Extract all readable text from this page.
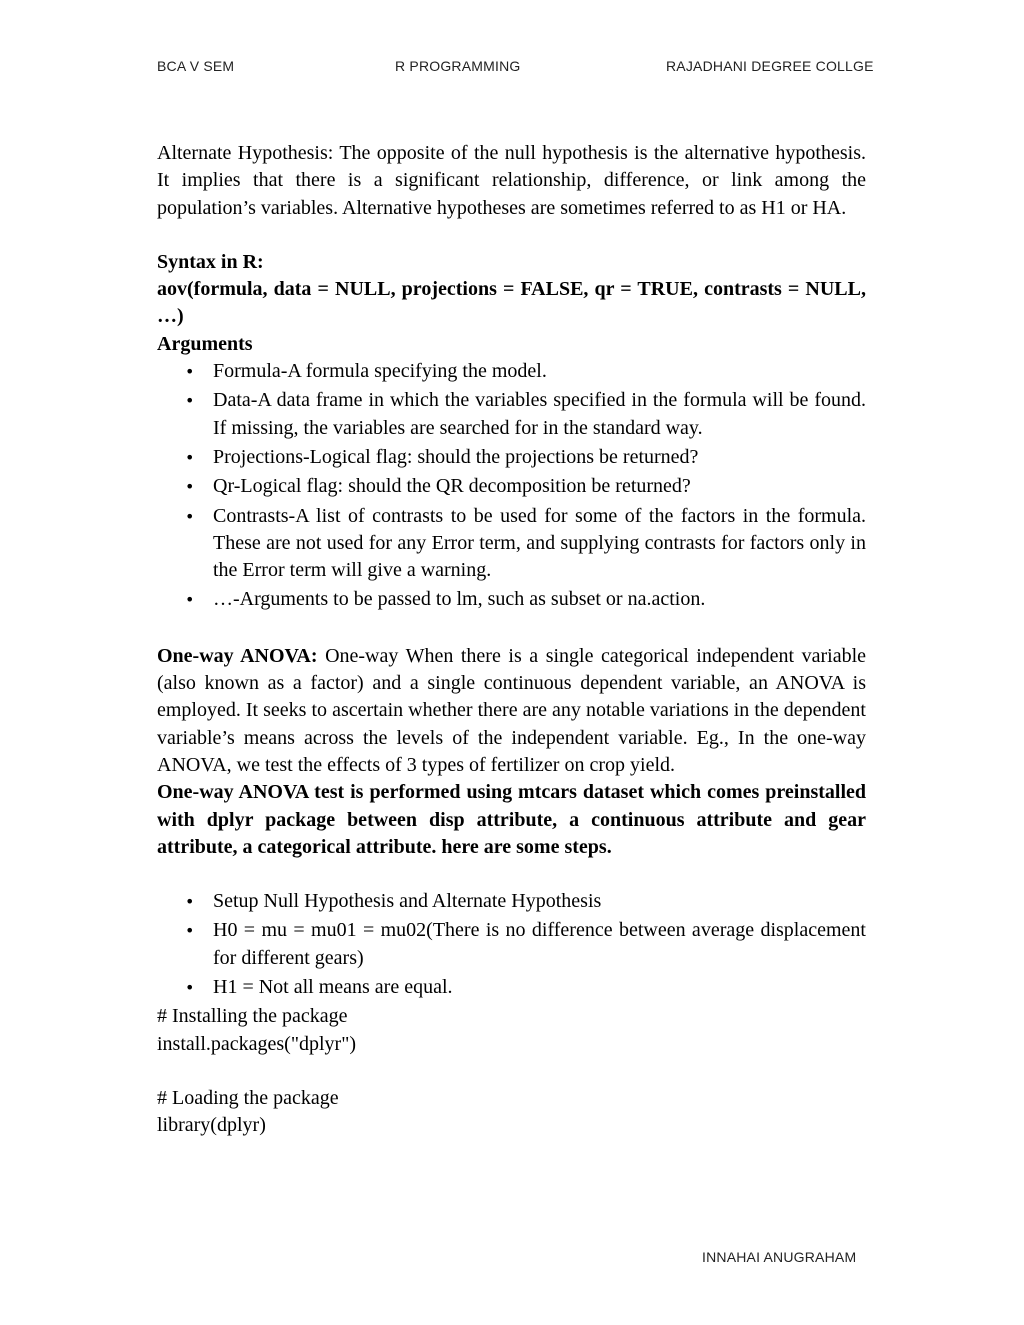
BCA V SEM	R PROGRAMMING	RAJADHANI DEGREE COLLGE

Alternate Hypothesis: The opposite of the null hypothesis is the alternative hypothesis. It implies that there is a significant relationship, difference, or link among the population’s variables. Alternative hypotheses are sometimes referred to as H1 or HA.

Syntax in R:

aov(formula, data = NULL, projections = FALSE, qr = TRUE, contrasts = NULL, …)

Arguments

• Formula-A formula specifying the model.
• Data-A data frame in which the variables specified in the formula will be found. If missing, the variables are searched for in the standard way.
• Projections-Logical flag: should the projections be returned?
• Qr-Logical flag: should the QR decomposition be returned?
• Contrasts-A list of contrasts to be used for some of the factors in the formula. These are not used for any Error term, and supplying contrasts for factors only in the Error term will give a warning.
• …-Arguments to be passed to lm, such as subset or na.action.

One-way ANOVA: One-way When there is a single categorical independent variable (also known as a factor) and a single continuous dependent variable, an ANOVA is employed. It seeks to ascertain whether there are any notable variations in the dependent variable’s means across the levels of the independent variable. Eg., In the one-way ANOVA, we test the effects of 3 types of fertilizer on crop yield.

One-way ANOVA test is performed using mtcars dataset which comes preinstalled with dplyr package between disp attribute, a continuous attribute and gear attribute, a categorical attribute. here are some steps.

• Setup Null Hypothesis and Alternate Hypothesis
• H0 = mu = mu01 = mu02(There is no difference between average displacement for different gears)
• H1 = Not all means are equal.

# Installing the package

install.packages("dplyr")

# Loading the package

library(dplyr)

INNAHAI ANUGRAHAM
